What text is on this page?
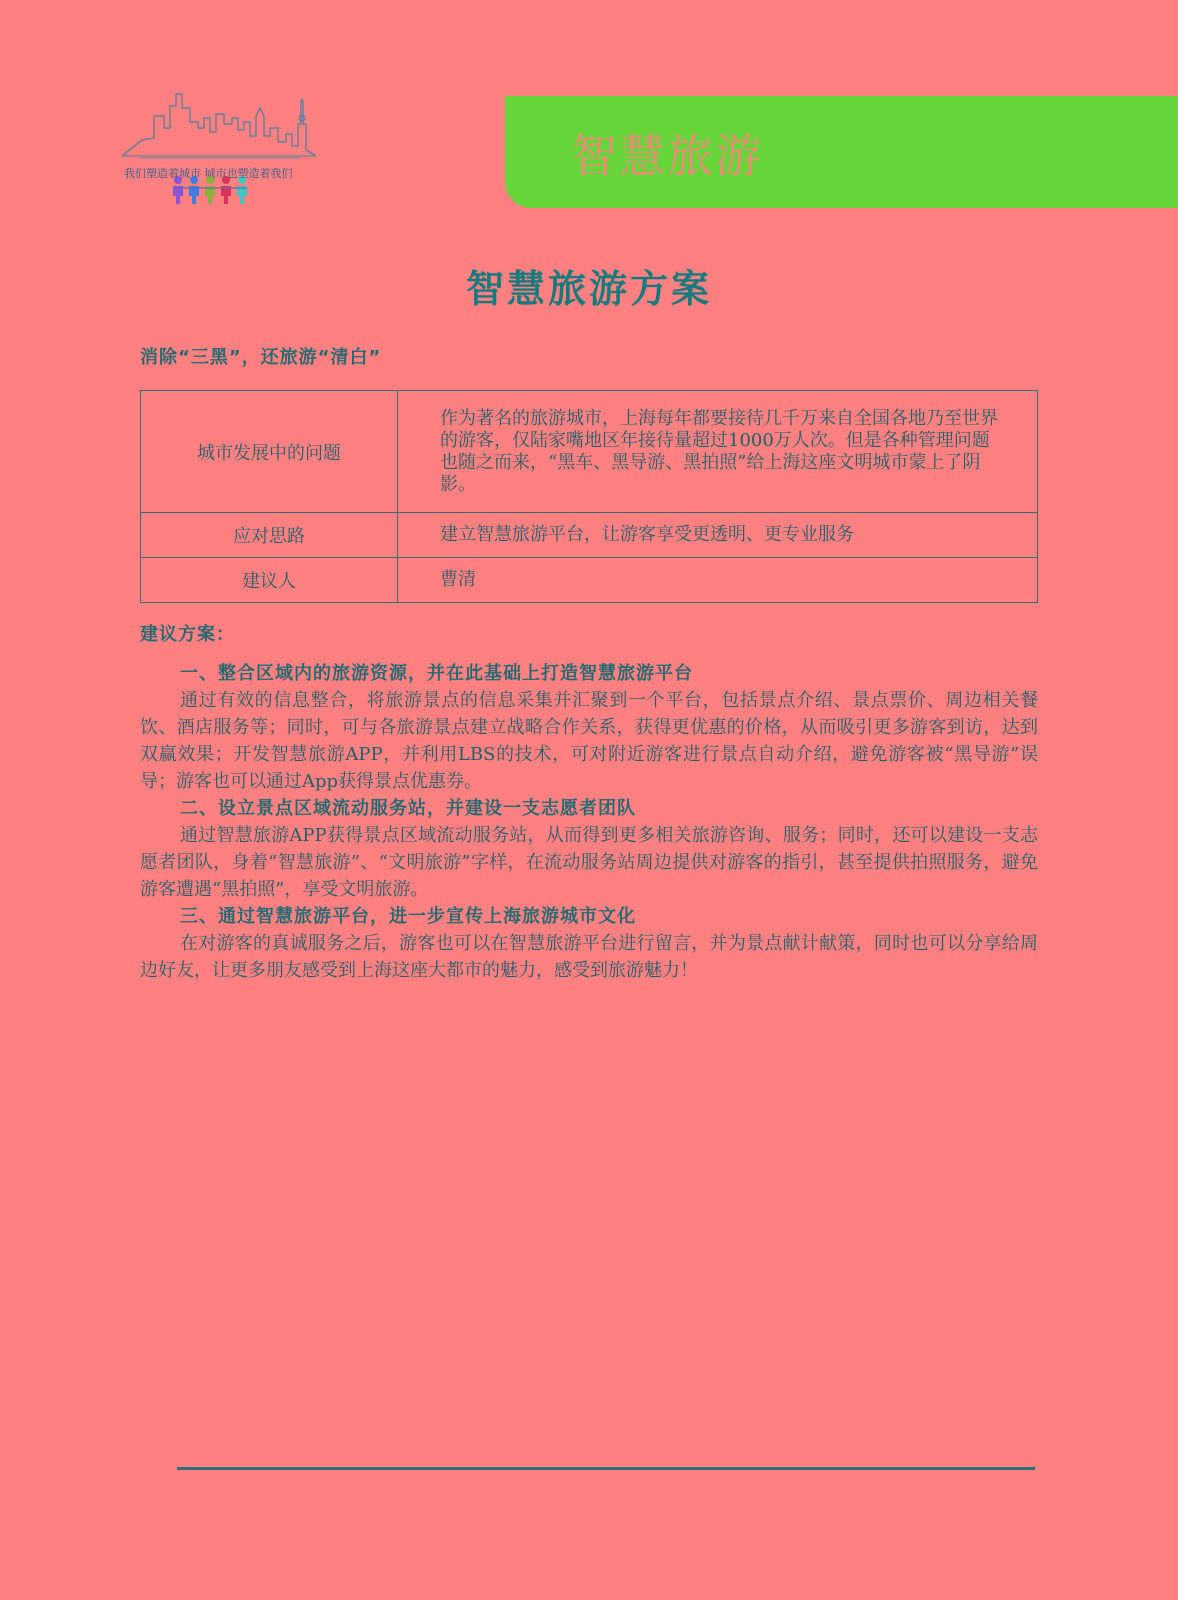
我们塑造着城市 城市也塑造着我们	智慧旅游
智慧旅游方案
消除“三黑”，还旅游“清白”
城市发展中的问题	作为著名的旅游城市，上海每年都要接待几千万来自全国各地乃至世界的游客，仅陆家嘴地区年接待量超过1000万人次。但是各种管理问题也随之而来，“黑车、黑导游、黑拍照”给上海这座文明城市蒙上了阴影。
应对思路	建立智慧旅游平台，让游客享受更透明、更专业服务
建议人	曹清
建议方案：

一、整合区域内的旅游资源，并在此基础上打造智慧旅游平台

通过有效的信息整合，将旅游景点的信息采集并汇聚到一个平台，包括景点介绍、景点票价、周边相关餐饮、酒店服务等；同时，可与各旅游景点建立战略合作关系，获得更优惠的价格，从而吸引更多游客到访，达到双赢效果；开发智慧旅游APP，并利用LBS的技术，可对附近游客进行景点自动介绍，避免游客被“黑导游”误导；游客也可以通过App获得景点优惠券。

二、设立景点区域流动服务站，并建设一支志愿者团队

通过智慧旅游APP获得景点区域流动服务站，从而得到更多相关旅游咨询、服务；同时，还可以建设一支志愿者团队，身着“智慧旅游”、“文明旅游”字样，在流动服务站周边提供对游客的指引，甚至提供拍照服务，避免游客遭遇“黑拍照”，享受文明旅游。

三、通过智慧旅游平台，进一步宣传上海旅游城市文化

在对游客的真诚服务之后，游客也可以在智慧旅游平台进行留言，并为景点献计献策，同时也可以分享给周边好友，让更多朋友感受到上海这座大都市的魅力，感受到旅游魅力！
